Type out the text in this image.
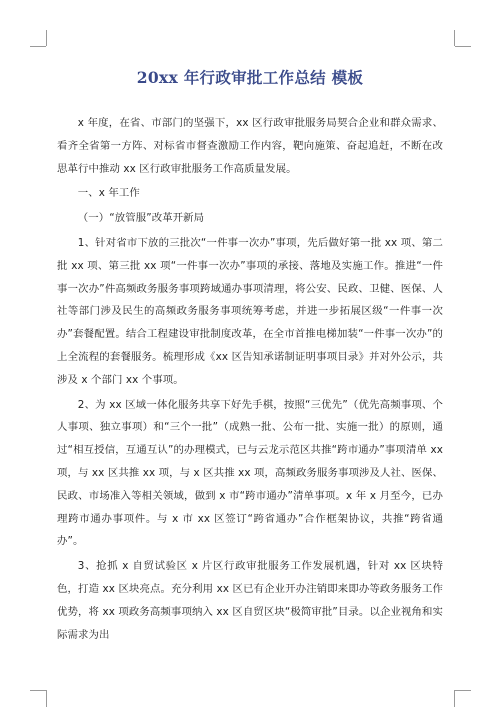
20xx 年行政审批工作总结 模板

x 年度，在省、市部门的坚强下，xx 区行政审批服务局契合企业和群众需求、看齐全省第一方阵、对标省市督查激励工作内容，靶向施策、奋起追赶，不断在改思革行中推动 xx 区行政审批服务工作高质量发展。

一、x 年工作

（一）“放管服”改革开新局

1、针对省市下放的三批次“一件事一次办”事项，先后做好第一批 xx 项、第二批 xx 项、第三批 xx 项“一件事一次办”事项的承接、落地及实施工作。推进“一件事一次办”件高频政务服务事项跨域通办事项清理，将公安、民政、卫健、医保、人社等部门涉及民生的高频政务服务事项统筹考虑，并进一步拓展区级“一件事一次办”套餐配置。结合工程建设审批制度改革，在全市首推电梯加装“一件事一次办”的上全流程的套餐服务。梳理形成《xx 区告知承诺制证明事项目录》并对外公示，共涉及 x 个部门 xx 个事项。

2、为 xx 区域一体化服务共享下好先手棋，按照“三优先”（优先高频事项、个人事项、独立事项）和“三个一批”（成熟一批、公布一批、实施一批）的原则，通过“相互授信，互通互认”的办理模式，已与云龙示范区共推“跨市通办”事项清单 xx 项，与 xx 区共推 xx 项，与 x 区共推 xx 项，高频政务服务事项涉及人社、医保、民政、市场准入等相关领域，做到 x 市“跨市通办”清单事项。x 年 x 月至今，已办理跨市通办事项件。与 x 市 xx 区签订“跨省通办”合作框架协议，共推“跨省通办”。

3、抢抓 x 自贸试验区 x 片区行政审批服务工作发展机遇，针对 xx 区块特色，打造 xx 区块亮点。充分利用 xx 区已有企业开办注销即来即办等政务服务工作优势，将 xx 项政务高频事项纳入 xx 区自贸区块“极简审批”目录。以企业视角和实际需求为出
